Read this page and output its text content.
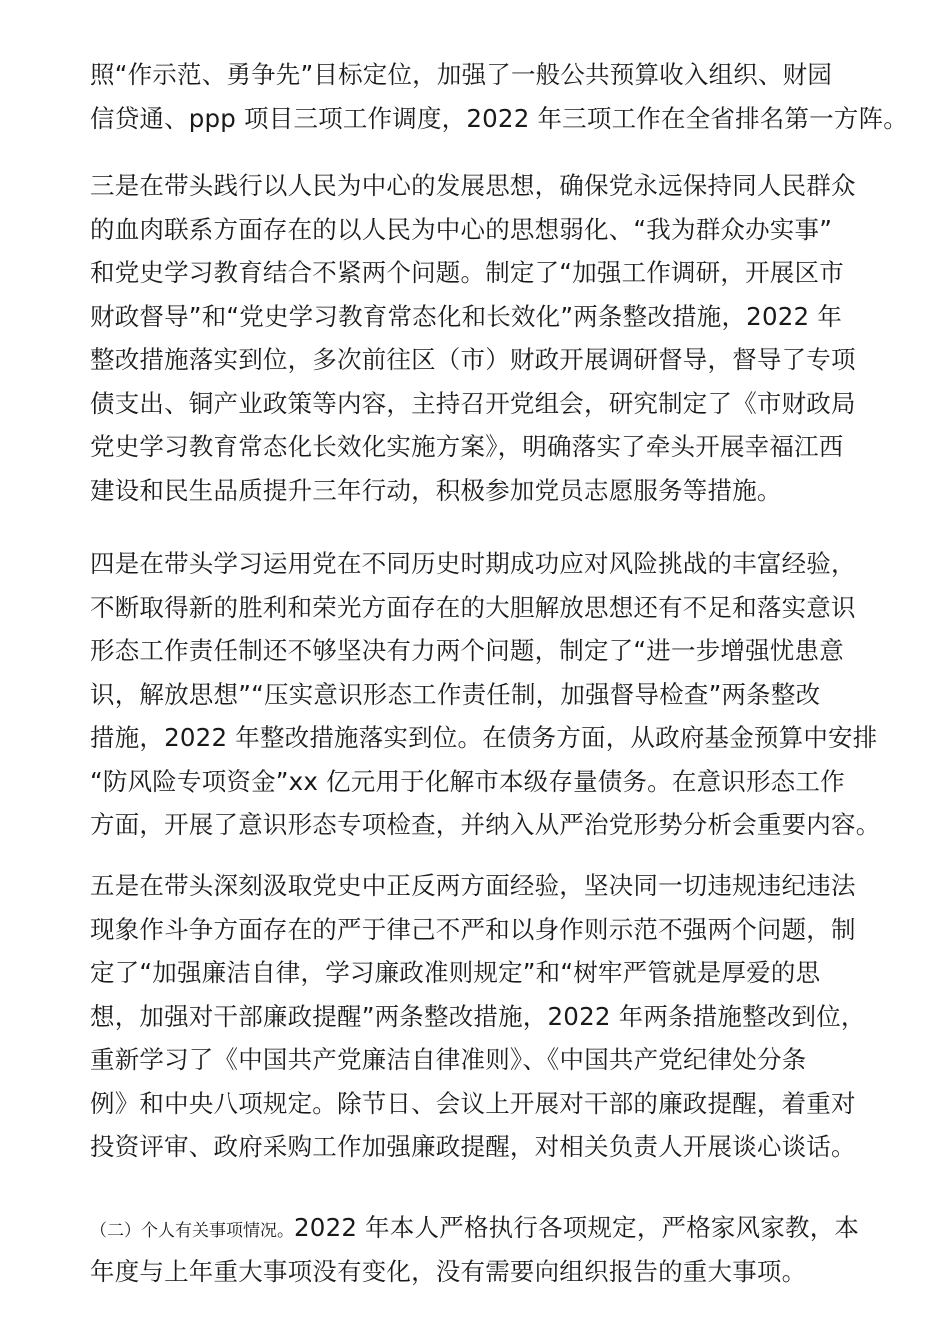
照“作示范、勇争先”目标定位，加强了一般公共预算收入组织、财园
信贷通、ppp 项目三项工作调度，2022 年三项工作在全省排名第一方阵。
三是在带头践行以人民为中心的发展思想，确保党永远保持同人民群众
的血肉联系方面存在的以人民为中心的思想弱化、“我为群众办实事”
和党史学习教育结合不紧两个问题。制定了“加强工作调研，开展区市
财政督导”和“党史学习教育常态化和长效化”两条整改措施，2022 年
整改措施落实到位，多次前往区（市）财政开展调研督导，督导了专项
债支出、铜产业政策等内容，主持召开党组会，研究制定了《市财政局
党史学习教育常态化长效化实施方案》，明确落实了牵头开展幸福江西
建设和民生品质提升三年行动，积极参加党员志愿服务等措施。
四是在带头学习运用党在不同历史时期成功应对风险挑战的丰富经验，
不断取得新的胜利和荣光方面存在的大胆解放思想还有不足和落实意识
形态工作责任制还不够坚决有力两个问题，制定了“进一步增强忧患意
识，解放思想”“压实意识形态工作责任制，加强督导检查”两条整改
措施，2022 年整改措施落实到位。在债务方面，从政府基金预算中安排
“防风险专项资金”xx 亿元用于化解市本级存量债务。在意识形态工作
方面，开展了意识形态专项检查，并纳入从严治党形势分析会重要内容。
五是在带头深刻汲取党史中正反两方面经验，坚决同一切违规违纪违法
现象作斗争方面存在的严于律己不严和以身作则示范不强两个问题，制
定了“加强廉洁自律，学习廉政准则规定”和“树牢严管就是厚爱的思
想，加强对干部廉政提醒”两条整改措施，2022 年两条措施整改到位，
重新学习了《中国共产党廉洁自律准则》、《中国共产党纪律处分条
例》和中央八项规定。除节日、会议上开展对干部的廉政提醒，着重对
投资评审、政府采购工作加强廉政提醒，对相关负责人开展谈心谈话。
（二）个人有关事项情况。2022 年本人严格执行各项规定，严格家风家教，本
年度与上年重大事项没有变化，没有需要向组织报告的重大事项。
